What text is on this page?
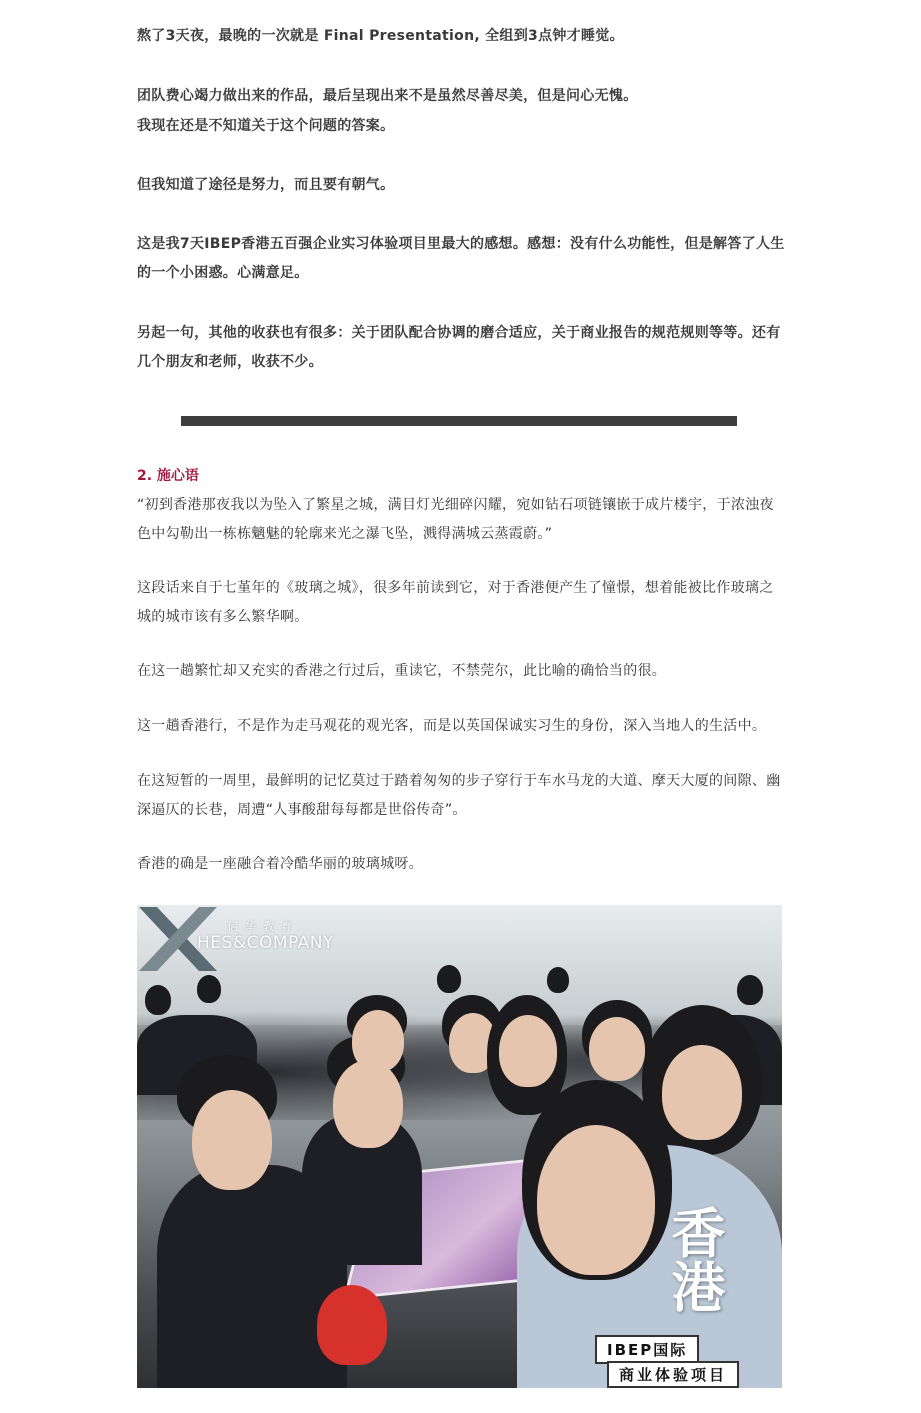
熬了3天夜，最晚的一次就是 Final Presentation, 全组到3点钟才睡觉。

团队费心竭力做出来的作品，最后呈现出来不是虽然尽善尽美，但是问心无愧。

我现在还是不知道关于这个问题的答案。

但我知道了途径是努力，而且要有朝气。

这是我7天IBEP香港五百强企业实习体验项目里最大的感想。感想：没有什么功能性，但是解答了人生的一个小困惑。心满意足。

另起一句，其他的收获也有很多：关于团队配合协调的磨合适应，关于商业报告的规范规则等等。还有几个朋友和老师，收获不少。

2. 施心语

“初到香港那夜我以为坠入了繁星之城，满目灯光细碎闪耀，宛如钻石项链镶嵌于成片楼宇，于浓浊夜色中勾勒出一栋栋魑魅的轮廓来光之瀑飞坠，溅得满城云蒸霞蔚。”

这段话来自于七堇年的《玻璃之城》，很多年前读到它，对于香港便产生了憧憬，想着能被比作玻璃之城的城市该有多么繁华啊。

在这一趟繁忙却又充实的香港之行过后，重读它，不禁莞尔，此比喻的确恰当的很。

这一趟香港行，不是作为走马观花的观光客，而是以英国保诚实习生的身份，深入当地人的生活中。

在这短暂的一周里，最鲜明的记忆莫过于踏着匆匆的步子穿行于车水马龙的大道、摩天大厦的间隙、幽深逼仄的长巷，周遭“人事酸甜每每都是世俗传奇”。

香港的确是一座融合着冷酷华丽的玻璃城呀。

信华教育
HES&COMPANY
香港
IBEP国际
商业体验项目
